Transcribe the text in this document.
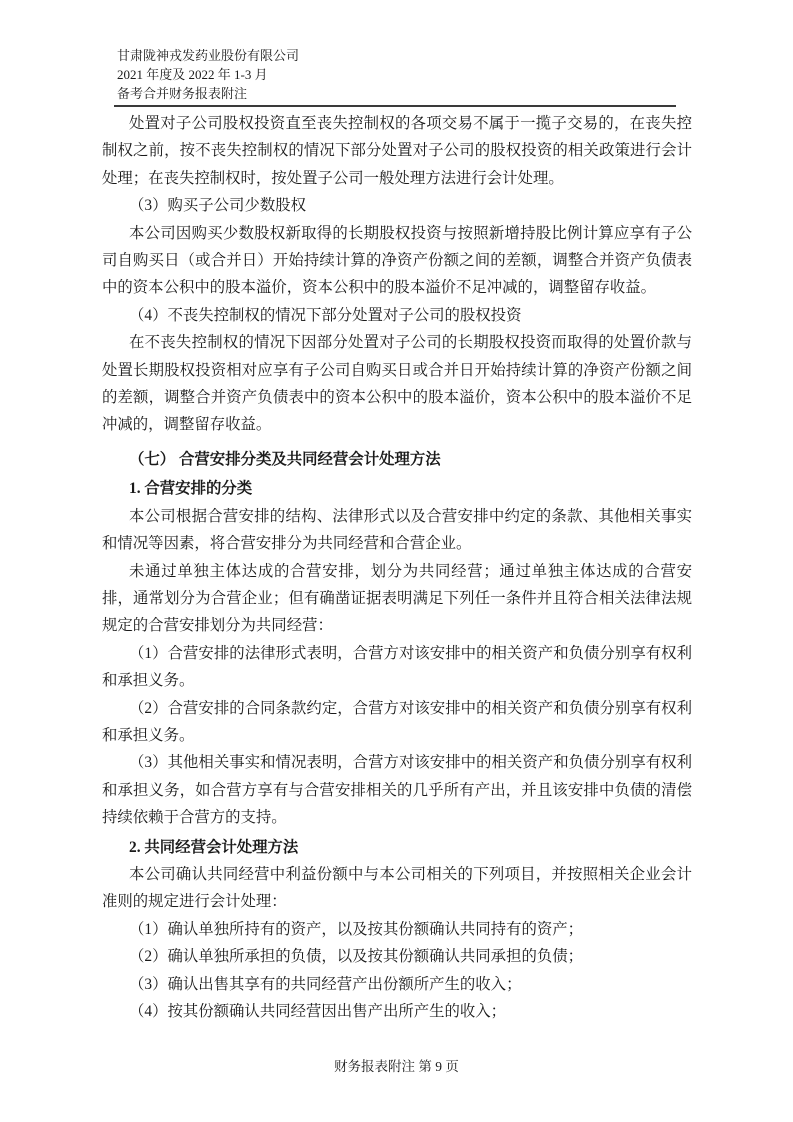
甘肃陇神戎发药业股份有限公司
2021 年度及 2022 年 1-3 月
备考合并财务报表附注
处置对子公司股权投资直至丧失控制权的各项交易不属于一揽子交易的，在丧失控制权之前，按不丧失控制权的情况下部分处置对子公司的股权投资的相关政策进行会计处理；在丧失控制权时，按处置子公司一般处理方法进行会计处理。
（3）购买子公司少数股权
本公司因购买少数股权新取得的长期股权投资与按照新增持股比例计算应享有子公司自购买日（或合并日）开始持续计算的净资产份额之间的差额，调整合并资产负债表中的资本公积中的股本溢价，资本公积中的股本溢价不足冲减的，调整留存收益。
（4）不丧失控制权的情况下部分处置对子公司的股权投资
在不丧失控制权的情况下因部分处置对子公司的长期股权投资而取得的处置价款与处置长期股权投资相对应享有子公司自购买日或合并日开始持续计算的净资产份额之间的差额，调整合并资产负债表中的资本公积中的股本溢价，资本公积中的股本溢价不足冲减的，调整留存收益。
（七） 合营安排分类及共同经营会计处理方法
1. 合营安排的分类
本公司根据合营安排的结构、法律形式以及合营安排中约定的条款、其他相关事实和情况等因素，将合营安排分为共同经营和合营企业。
未通过单独主体达成的合营安排，划分为共同经营；通过单独主体达成的合营安排，通常划分为合营企业；但有确凿证据表明满足下列任一条件并且符合相关法律法规规定的合营安排划分为共同经营：
（1）合营安排的法律形式表明，合营方对该安排中的相关资产和负债分别享有权利和承担义务。
（2）合营安排的合同条款约定，合营方对该安排中的相关资产和负债分别享有权利和承担义务。
（3）其他相关事实和情况表明，合营方对该安排中的相关资产和负债分别享有权利和承担义务，如合营方享有与合营安排相关的几乎所有产出，并且该安排中负债的清偿持续依赖于合营方的支持。
2. 共同经营会计处理方法
本公司确认共同经营中利益份额中与本公司相关的下列项目，并按照相关企业会计准则的规定进行会计处理：
（1）确认单独所持有的资产，以及按其份额确认共同持有的资产；
（2）确认单独所承担的负债，以及按其份额确认共同承担的负债；
（3）确认出售其享有的共同经营产出份额所产生的收入；
（4）按其份额确认共同经营因出售产出所产生的收入；
财务报表附注 第 9 页
